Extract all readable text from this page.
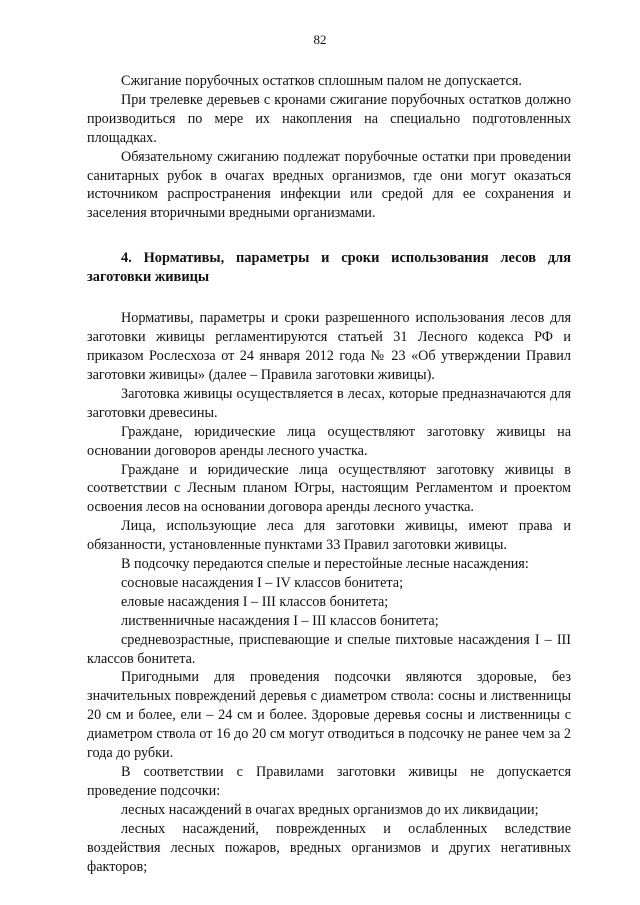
82

Сжигание порубочных остатков сплошным палом не допускается.

При трелевке деревьев с кронами сжигание порубочных остатков должно производиться по мере их накопления на специально подготовленных площадках.

Обязательному сжиганию подлежат порубочные остатки при проведении санитарных рубок в очагах вредных организмов, где они могут оказаться источником распространения инфекции или средой для ее сохранения и заселения вторичными вредными организмами.

4. Нормативы, параметры и сроки использования лесов для заготовки живицы

Нормативы, параметры и сроки разрешенного использования лесов для заготовки живицы регламентируются статьей 31 Лесного кодекса РФ и приказом Рослесхоза от 24 января 2012 года № 23 «Об утверждении Правил заготовки живицы» (далее – Правила заготовки живицы).

Заготовка живицы осуществляется в лесах, которые предназначаются для заготовки древесины.

Граждане, юридические лица осуществляют заготовку живицы на основании договоров аренды лесного участка.

Граждане и юридические лица осуществляют заготовку живицы в соответствии с Лесным планом Югры, настоящим Регламентом и проектом освоения лесов на основании договора аренды лесного участка.

Лица, использующие леса для заготовки живицы, имеют права и обязанности, установленные пунктами 33 Правил заготовки живицы.

В подсочку передаются спелые и перестойные лесные насаждения:

сосновые насаждения I – IV классов бонитета;

еловые насаждения I – III классов бонитета;

лиственничные насаждения I – III классов бонитета;

средневозрастные, приспевающие и спелые пихтовые насаждения I – III классов бонитета.

Пригодными для проведения подсочки являются здоровые, без значительных повреждений деревья с диаметром ствола: сосны и лиственницы 20 см и более, ели – 24 см и более. Здоровые деревья сосны и лиственницы с диаметром ствола от 16 до 20 см могут отводиться в подсочку не ранее чем за 2 года до рубки.

В соответствии с Правилами заготовки живицы не допускается проведение подсочки:

лесных насаждений в очагах вредных организмов до их ликвидации;

лесных насаждений, поврежденных и ослабленных вследствие воздействия лесных пожаров, вредных организмов и других негативных факторов;
